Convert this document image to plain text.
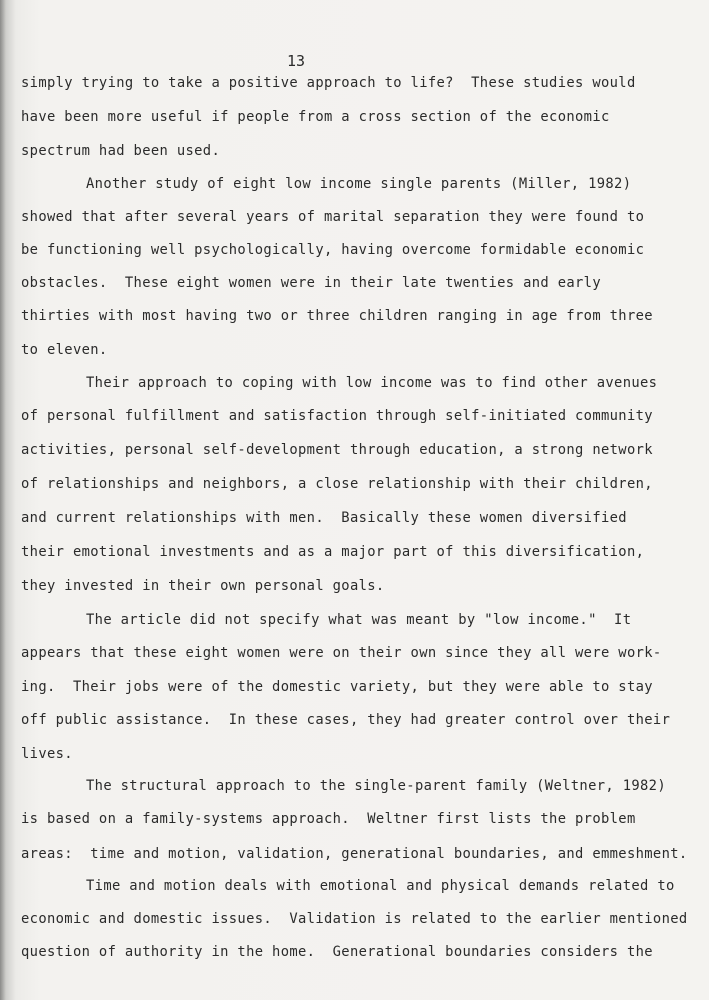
13
simply trying to take a positive approach to life?  These studies would
have been more useful if people from a cross section of the economic
spectrum had been used.
Another study of eight low income single parents (Miller, 1982)
showed that after several years of marital separation they were found to
be functioning well psychologically, having overcome formidable economic
obstacles.  These eight women were in their late twenties and early
thirties with most having two or three children ranging in age from three
to eleven.
Their approach to coping with low income was to find other avenues
of personal fulfillment and satisfaction through self-initiated community
activities, personal self-development through education, a strong network
of relationships and neighbors, a close relationship with their children,
and current relationships with men.  Basically these women diversified
their emotional investments and as a major part of this diversification,
they invested in their own personal goals.
The article did not specify what was meant by "low income."  It
appears that these eight women were on their own since they all were work-
ing.  Their jobs were of the domestic variety, but they were able to stay
off public assistance.  In these cases, they had greater control over their
lives.
The structural approach to the single-parent family (Weltner, 1982)
is based on a family-systems approach.  Weltner first lists the problem
areas:  time and motion, validation, generational boundaries, and emmeshment.
Time and motion deals with emotional and physical demands related to
economic and domestic issues.  Validation is related to the earlier mentioned
question of authority in the home.  Generational boundaries considers the
